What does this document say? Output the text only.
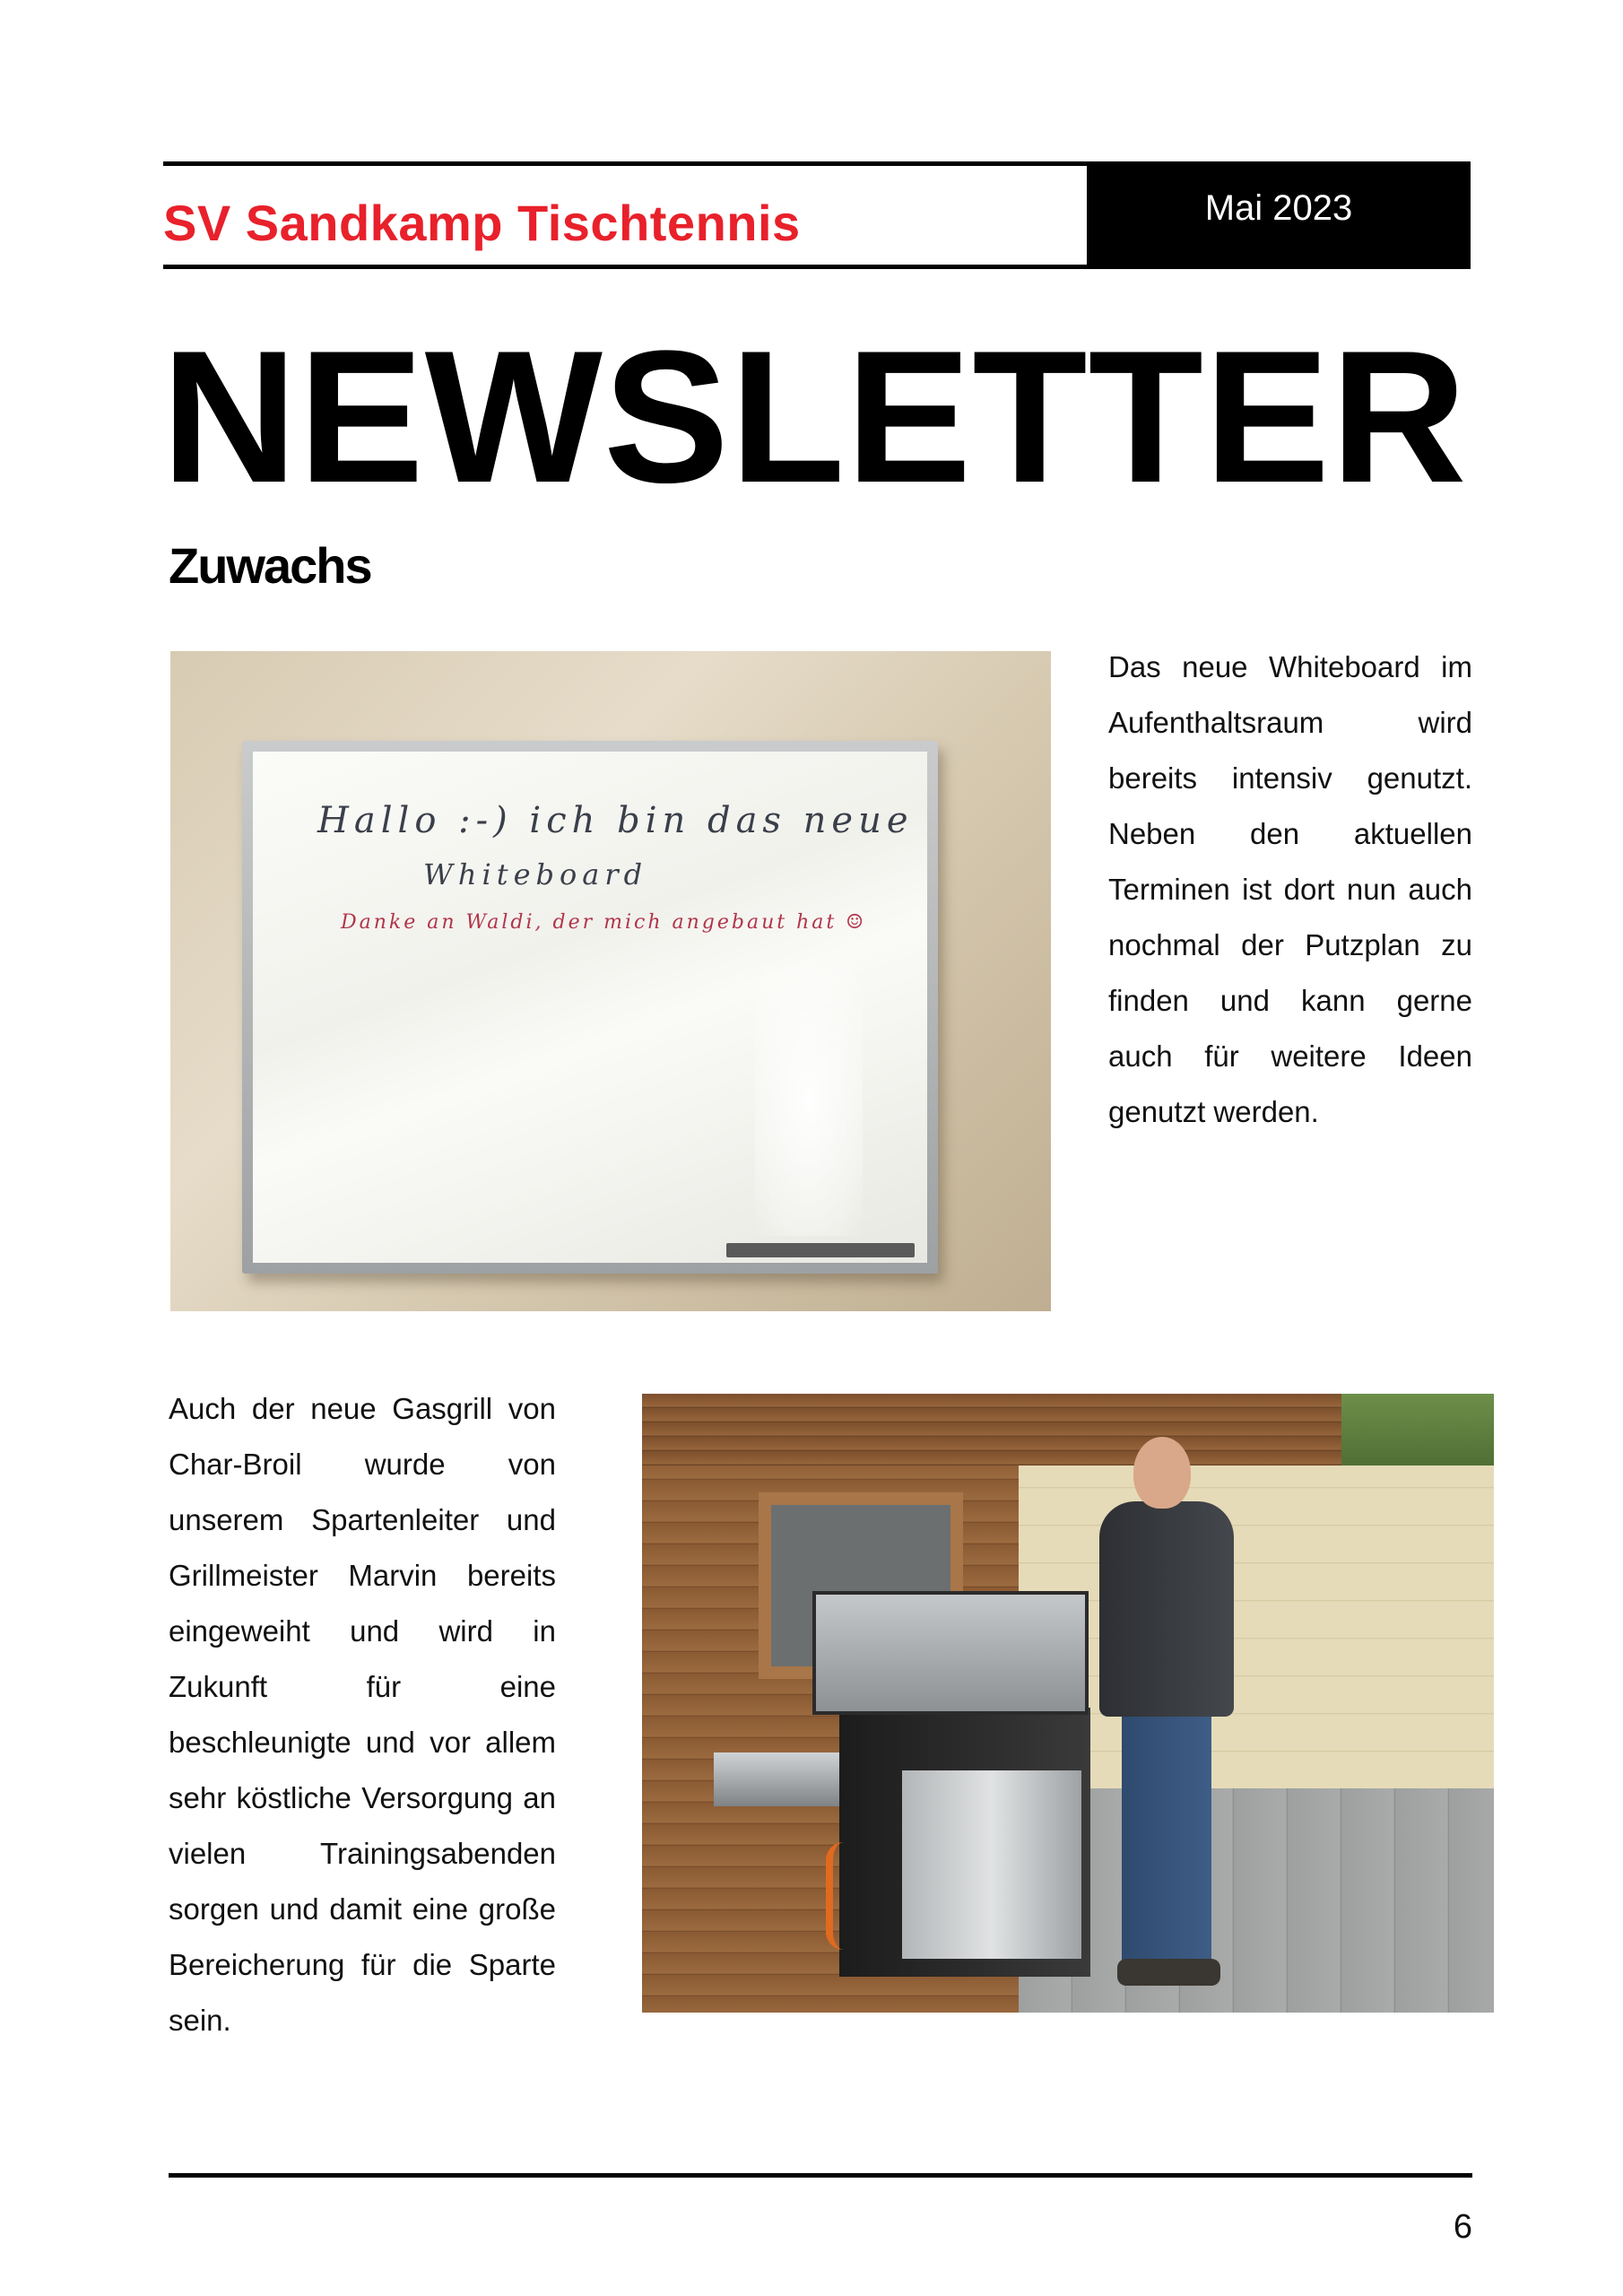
SV Sandkamp Tischtennis	Mai 2023
NEWSLETTER
Zuwachs
Hallo :-) ich bin das neue
Whiteboard
Danke an Waldi, der mich angebaut hat ☺

Das neue Whiteboard im Aufenthaltsraum wird bereits intensiv genutzt. Neben den aktuellen Terminen ist dort nun auch nochmal der Putzplan zu finden und kann gerne auch für weitere Ideen genutzt werden.

Auch der neue Gasgrill von Char-Broil wurde von unserem Spartenleiter und Grillmeister Marvin bereits eingeweiht und wird in Zukunft für eine beschleunigte und vor allem sehr köstliche Versorgung an vielen Trainingsabenden sorgen und damit eine große Bereicherung für die Sparte sein.

6
